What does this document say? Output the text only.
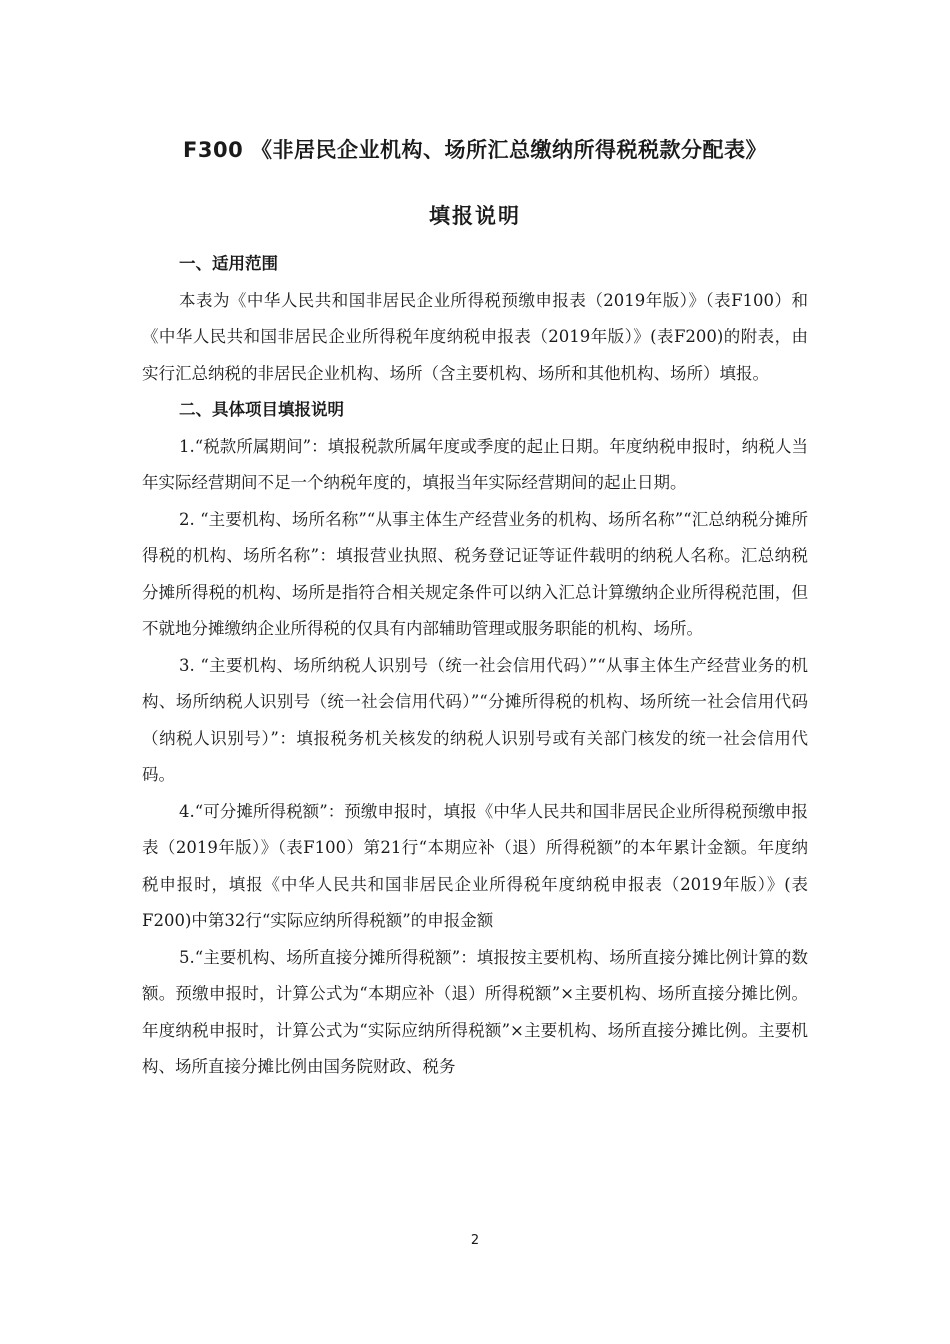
F300 《非居民企业机构、场所汇总缴纳所得税税款分配表》
填报说明

一、适用范围

本表为《中华人民共和国非居民企业所得税预缴申报表（2019年版）》（表F100）和《中华人民共和国非居民企业所得税年度纳税申报表（2019年版）》(表F200)的附表，由实行汇总纳税的非居民企业机构、场所（含主要机构、场所和其他机构、场所）填报。

二、具体项目填报说明

1.“税款所属期间”：填报税款所属年度或季度的起止日期。年度纳税申报时，纳税人当年实际经营期间不足一个纳税年度的，填报当年实际经营期间的起止日期。

2. “主要机构、场所名称”“从事主体生产经营业务的机构、场所名称”“汇总纳税分摊所得税的机构、场所名称”：填报营业执照、税务登记证等证件载明的纳税人名称。汇总纳税分摊所得税的机构、场所是指符合相关规定条件可以纳入汇总计算缴纳企业所得税范围，但不就地分摊缴纳企业所得税的仅具有内部辅助管理或服务职能的机构、场所。

3. “主要机构、场所纳税人识别号（统一社会信用代码）”“从事主体生产经营业务的机构、场所纳税人识别号（统一社会信用代码）”“分摊所得税的机构、场所统一社会信用代码（纳税人识别号）”：填报税务机关核发的纳税人识别号或有关部门核发的统一社会信用代码。

4.“可分摊所得税额”：预缴申报时，填报《中华人民共和国非居民企业所得税预缴申报表（2019年版）》（表F100）第21行“本期应补（退）所得税额”的本年累计金额。年度纳税申报时，填报《中华人民共和国非居民企业所得税年度纳税申报表（2019年版）》(表F200)中第32行“实际应纳所得税额”的申报金额

5.“主要机构、场所直接分摊所得税额”：填报按主要机构、场所直接分摊比例计算的数额。预缴申报时，计算公式为“本期应补（退）所得税额”×主要机构、场所直接分摊比例。年度纳税申报时，计算公式为“实际应纳所得税额”×主要机构、场所直接分摊比例。主要机构、场所直接分摊比例由国务院财政、税务

2
